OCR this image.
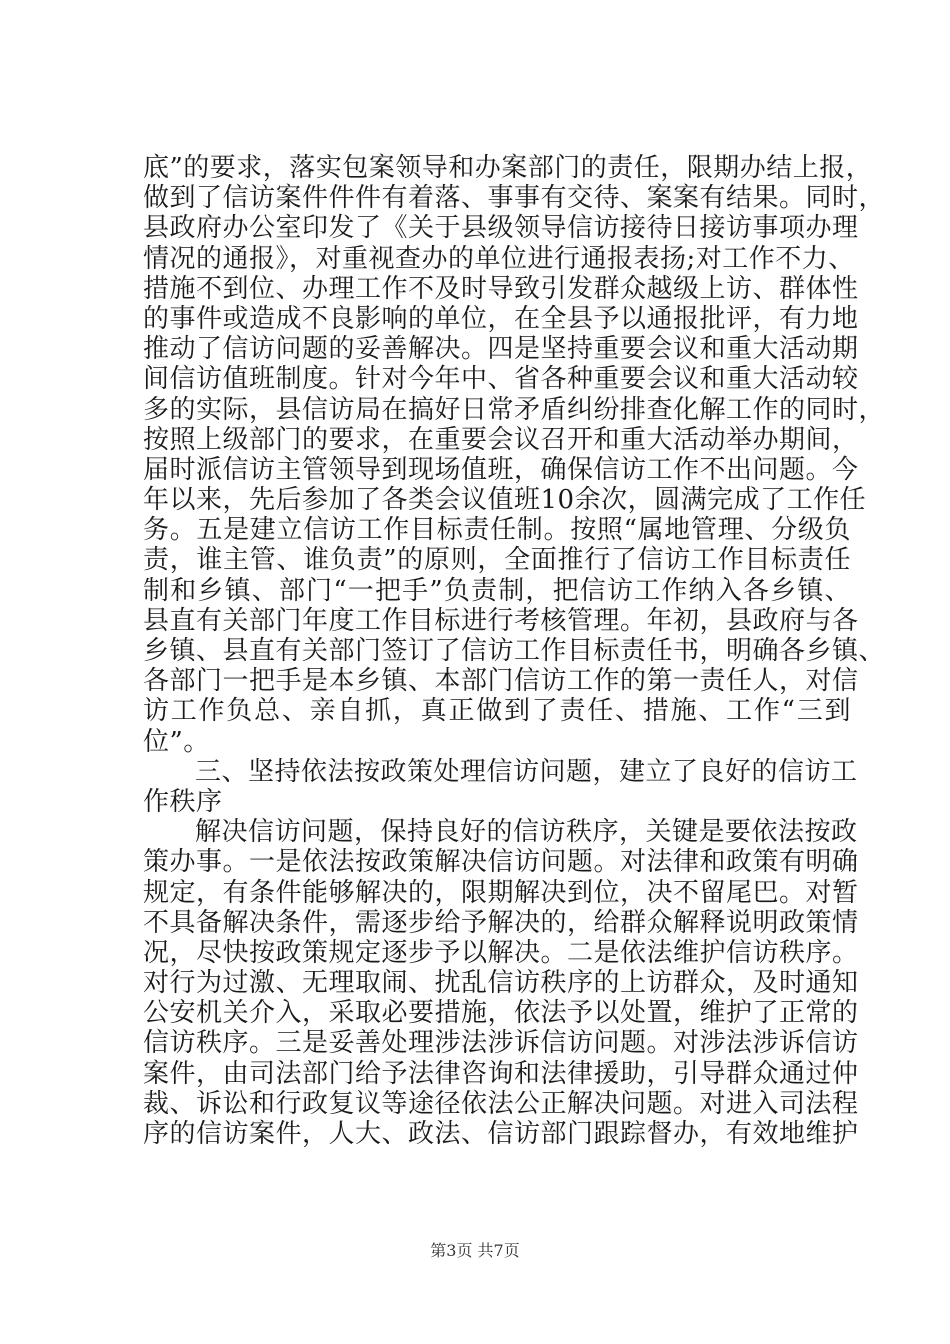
底”的要求，落实包案领导和办案部门的责任，限期办结上报，
做到了信访案件件件有着落、事事有交待、案案有结果。同时，
县政府办公室印发了《关于县级领导信访接待日接访事项办理
情况的通报》，对重视查办的单位进行通报表扬;对工作不力、
措施不到位、办理工作不及时导致引发群众越级上访、群体性
的事件或造成不良影响的单位，在全县予以通报批评，有力地
推动了信访问题的妥善解决。四是坚持重要会议和重大活动期
间信访值班制度。针对今年中、省各种重要会议和重大活动较
多的实际，县信访局在搞好日常矛盾纠纷排查化解工作的同时，
按照上级部门的要求，在重要会议召开和重大活动举办期间，
届时派信访主管领导到现场值班，确保信访工作不出问题。今
年以来，先后参加了各类会议值班10余次，圆满完成了工作任
务。五是建立信访工作目标责任制。按照“属地管理、分级负
责，谁主管、谁负责”的原则，全面推行了信访工作目标责任
制和乡镇、部门“一把手”负责制，把信访工作纳入各乡镇、
县直有关部门年度工作目标进行考核管理。年初，县政府与各
乡镇、县直有关部门签订了信访工作目标责任书，明确各乡镇、
各部门一把手是本乡镇、本部门信访工作的第一责任人，对信
访工作负总、亲自抓，真正做到了责任、措施、工作“三到
位”。
三、坚持依法按政策处理信访问题，建立了良好的信访工
作秩序
解决信访问题，保持良好的信访秩序，关键是要依法按政
策办事。一是依法按政策解决信访问题。对法律和政策有明确
规定，有条件能够解决的，限期解决到位，决不留尾巴。对暂
不具备解决条件，需逐步给予解决的，给群众解释说明政策情
况，尽快按政策规定逐步予以解决。二是依法维护信访秩序。
对行为过激、无理取闹、扰乱信访秩序的上访群众，及时通知
公安机关介入，采取必要措施，依法予以处置，维护了正常的
信访秩序。三是妥善处理涉法涉诉信访问题。对涉法涉诉信访
案件，由司法部门给予法律咨询和法律援助，引导群众通过仲
裁、诉讼和行政复议等途径依法公正解决问题。对进入司法程
序的信访案件，人大、政法、信访部门跟踪督办，有效地维护
第3页 共7页
